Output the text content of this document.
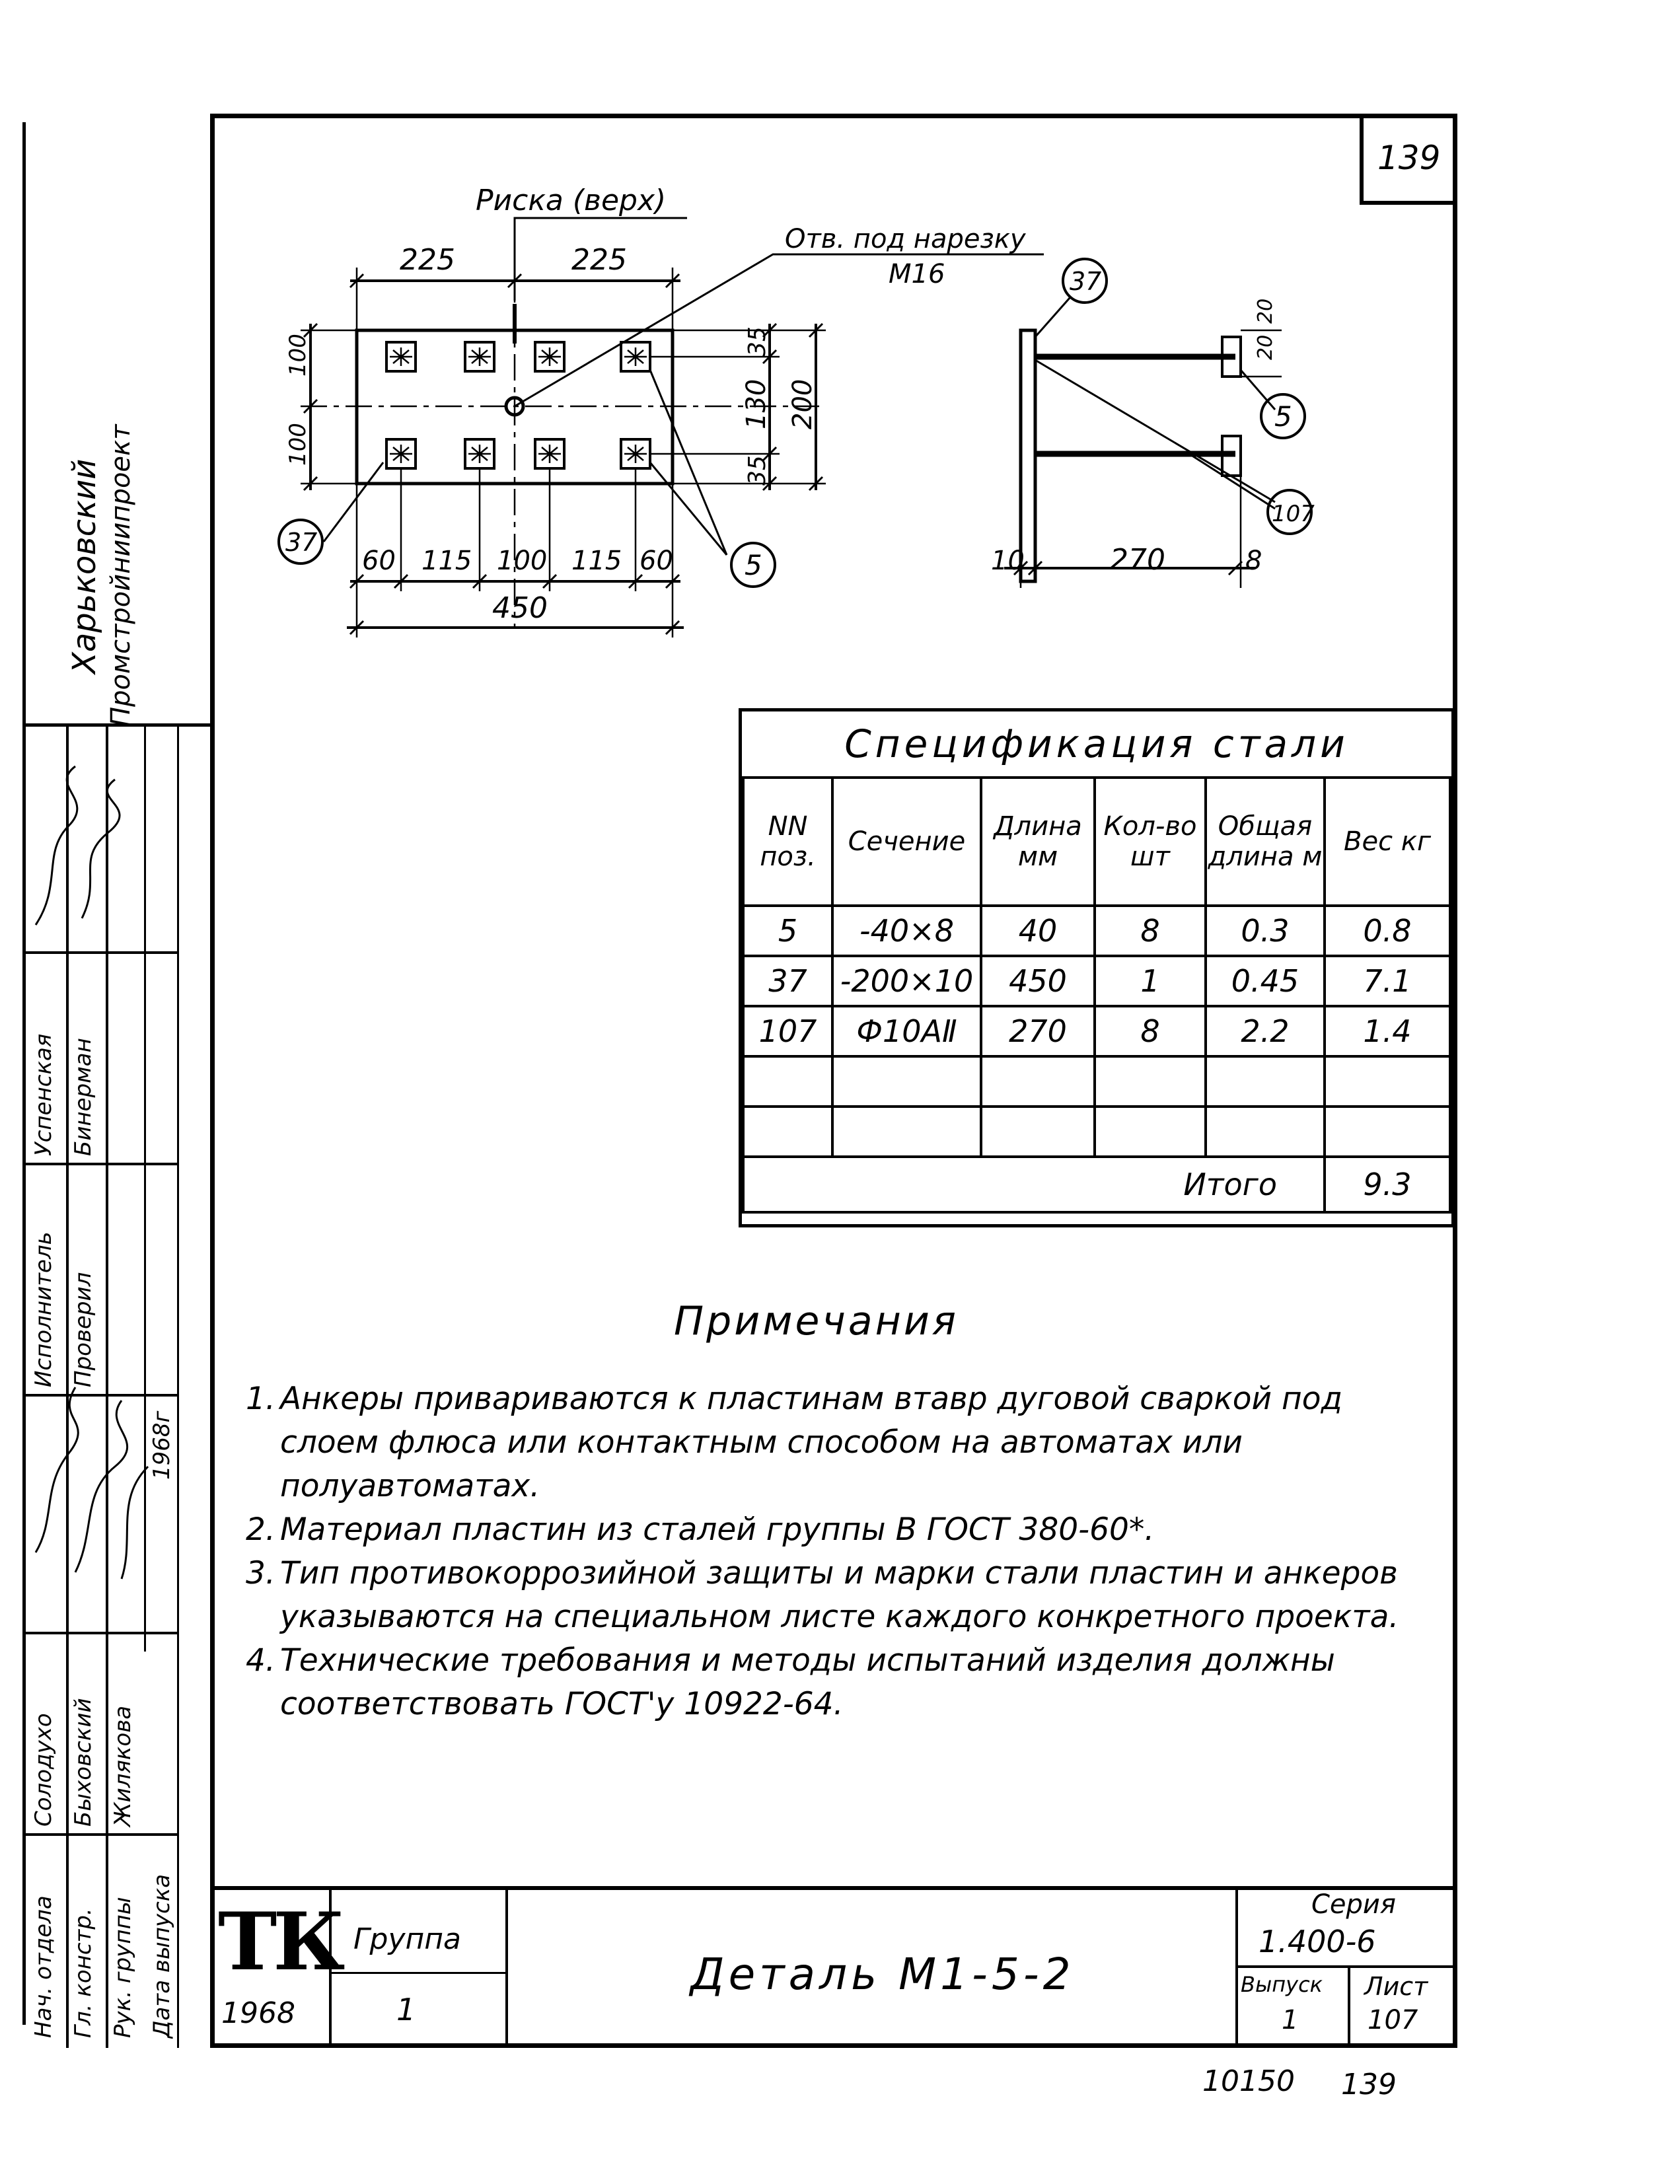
139
Риска (верх)
Отв. под нарезку
М16
225	225
35
130
35
200
100
100
60 115 100 115 60
450
37
5
37
5
107
10	270	8
20
20
Спецификация стали					
NN поз.	Сечение	Длина мм	Кол-во шт	Общая длина м	Вес кг
5	-40×8	40	8	0.3	0.8
37	-200×10	450	1	0.45	7.1
107	Ф10АⅡ	270	8	2.2	1.4

Итого					9.3
Примечания

1. Анкеры привариваются к пластинам втавр дуговой сваркой под слоем флюса или контактным способом на автоматах или полуавтоматах.

2. Материал пластин из сталей группы В ГОСТ 380-60*.

3. Тип противокоррозийной защиты и марки стали пластин и анкеров указываются на специальном листе каждого конкретного проекта.

4. Технические требования и методы испытаний изделия должны соответствовать ГОСТ'у 10922-64.

Харьковский Промстройниипроект
Нач. отдела Гл. констр. Рук. группы
Исполнитель Проверил
Солодухо Быховский Жилякова
Успенская Бинерман
Дата выпуска
1968г
ТК
1968
Группа
1
Деталь М1-5-2
Серия
1.400-6
Выпуск
1
Лист
107
10150 139
